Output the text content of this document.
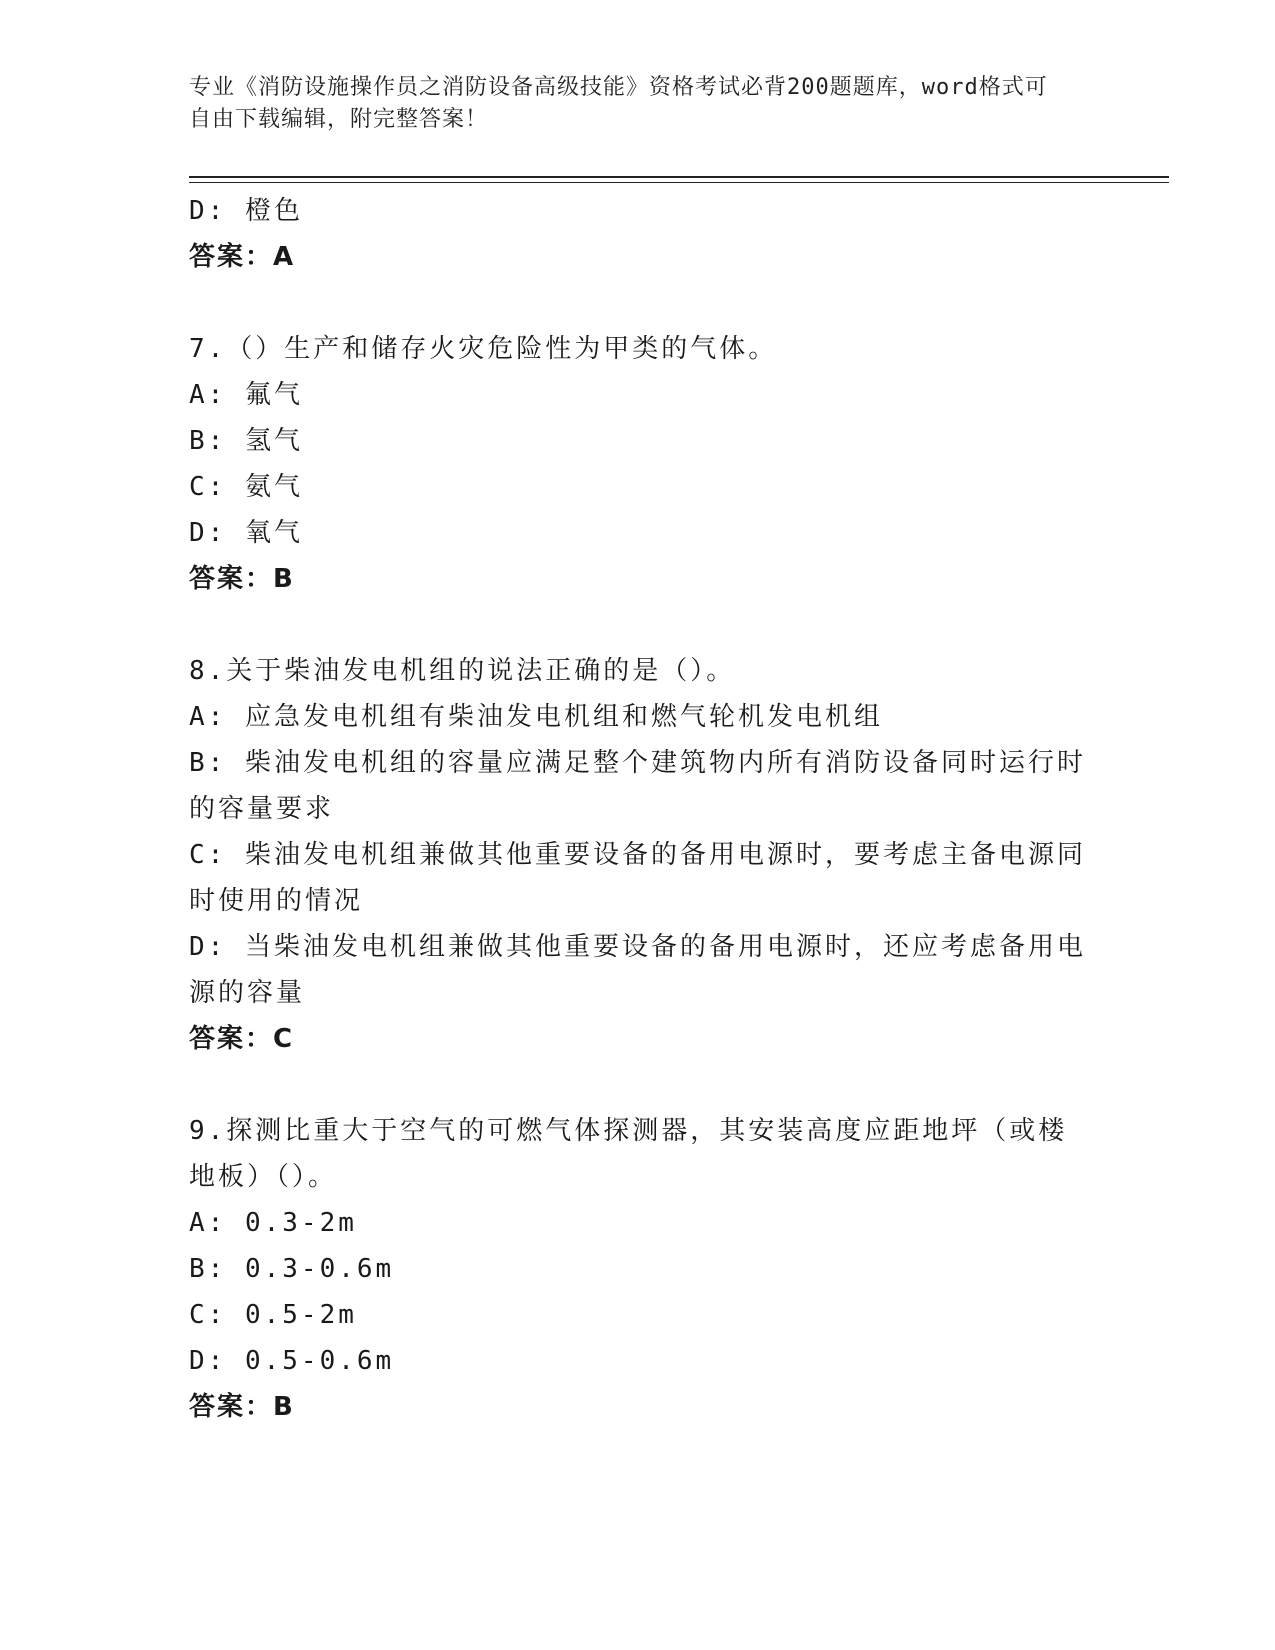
专业《消防设施操作员之消防设备高级技能》资格考试必背200题题库，word格式可自由下载编辑，附完整答案！

D: 橙色

答案：A

7.（）生产和储存火灾危险性为甲类的气体。

A: 氟气

B: 氢气

C: 氨气

D: 氧气

答案：B

8.关于柴油发电机组的说法正确的是（）。

A: 应急发电机组有柴油发电机组和燃气轮机发电机组

B: 柴油发电机组的容量应满足整个建筑物内所有消防设备同时运行时的容量要求

C: 柴油发电机组兼做其他重要设备的备用电源时，要考虑主备电源同时使用的情况

D: 当柴油发电机组兼做其他重要设备的备用电源时，还应考虑备用电源的容量

答案：C

9.探测比重大于空气的可燃气体探测器，其安装高度应距地坪（或楼地板）（）。

A: 0.3-2m

B: 0.3-0.6m

C: 0.5-2m

D: 0.5-0.6m

答案：B
